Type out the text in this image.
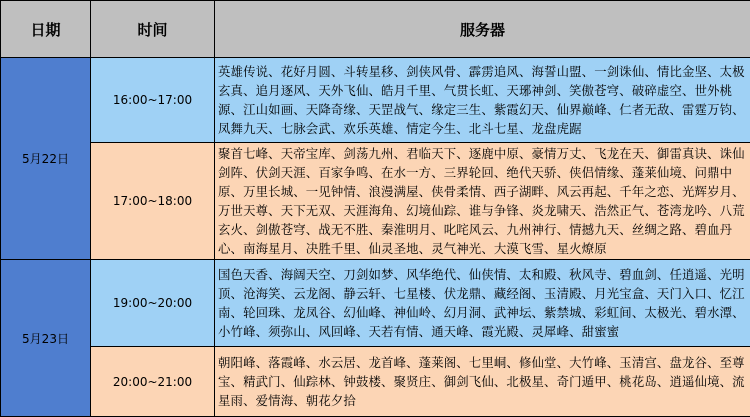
日期	时间	服务器
5月22日	16:00~17:00	英雄传说、花好月圆、斗转星移、剑侠风骨、霹雳追风、海誓山盟、一剑诛仙、情比金坚、太极玄真、追月逐风、天外飞仙、皓月千里、气贯长虹、天琊神剑、笑傲苍穹、破碎虚空、世外桃源、江山如画、天降奇缘、天罡战气、缘定三生、紫霞幻天、仙界巅峰、仁者无敌、雷霆万钧、凤舞九天、七脉会武、欢乐英雄、情定今生、北斗七星、龙盘虎踞
	17:00~18:00	聚首七峰、天帝宝库、剑荡九州、君临天下、逐鹿中原、豪情万丈、飞龙在天、御雷真诀、诛仙剑阵、伏剑天涯、百家争鸣、在水一方、三界轮回、绝代天骄、侠侣情缘、蓬莱仙境、问鼎中原、万里长城、一见钟情、浪漫满屋、侠骨柔情、西子湖畔、风云再起、千年之恋、光辉岁月、万世天尊、天下无双、天涯海角、幻境仙踪、谁与争锋、炎龙啸天、浩然正气、苍湾龙吟、八荒玄火、剑傲苍穹、战无不胜、秦淮明月、叱咤风云、九州神行、情撼九天、丝绸之路、碧血丹心、南海星月、决胜千里、仙灵圣地、灵气神光、大漠飞雪、星火燎原
5月23日	19:00~20:00	国色天香、海阔天空、刀剑如梦、风华绝代、仙侠情、太和殿、秋风寺、碧血剑、任逍遥、光明顶、沧海笑、云龙阁、静云轩、七星楼、伏龙鼎、藏经阁、玉清殿、月光宝盒、天门入口、忆江南、轮回珠、龙凤谷、幻仙峰、神仙岭、幻月洞、武神坛、紫禁城、彩虹间、太极光、碧水潭、小竹峰、须弥山、风回峰、天若有情、通天峰、霞光殿、灵犀峰、甜蜜蜜
	20:00~21:00	朝阳峰、落霞峰、水云居、龙首峰、蓬莱阁、七里峒、修仙堂、大竹峰、玉清宫、盘龙谷、至尊宝、精武门、仙踪林、钟鼓楼、聚贤庄、御剑飞仙、北极星、奇门遁甲、桃花岛、逍遥仙境、流星雨、爱情海、朝花夕拾
